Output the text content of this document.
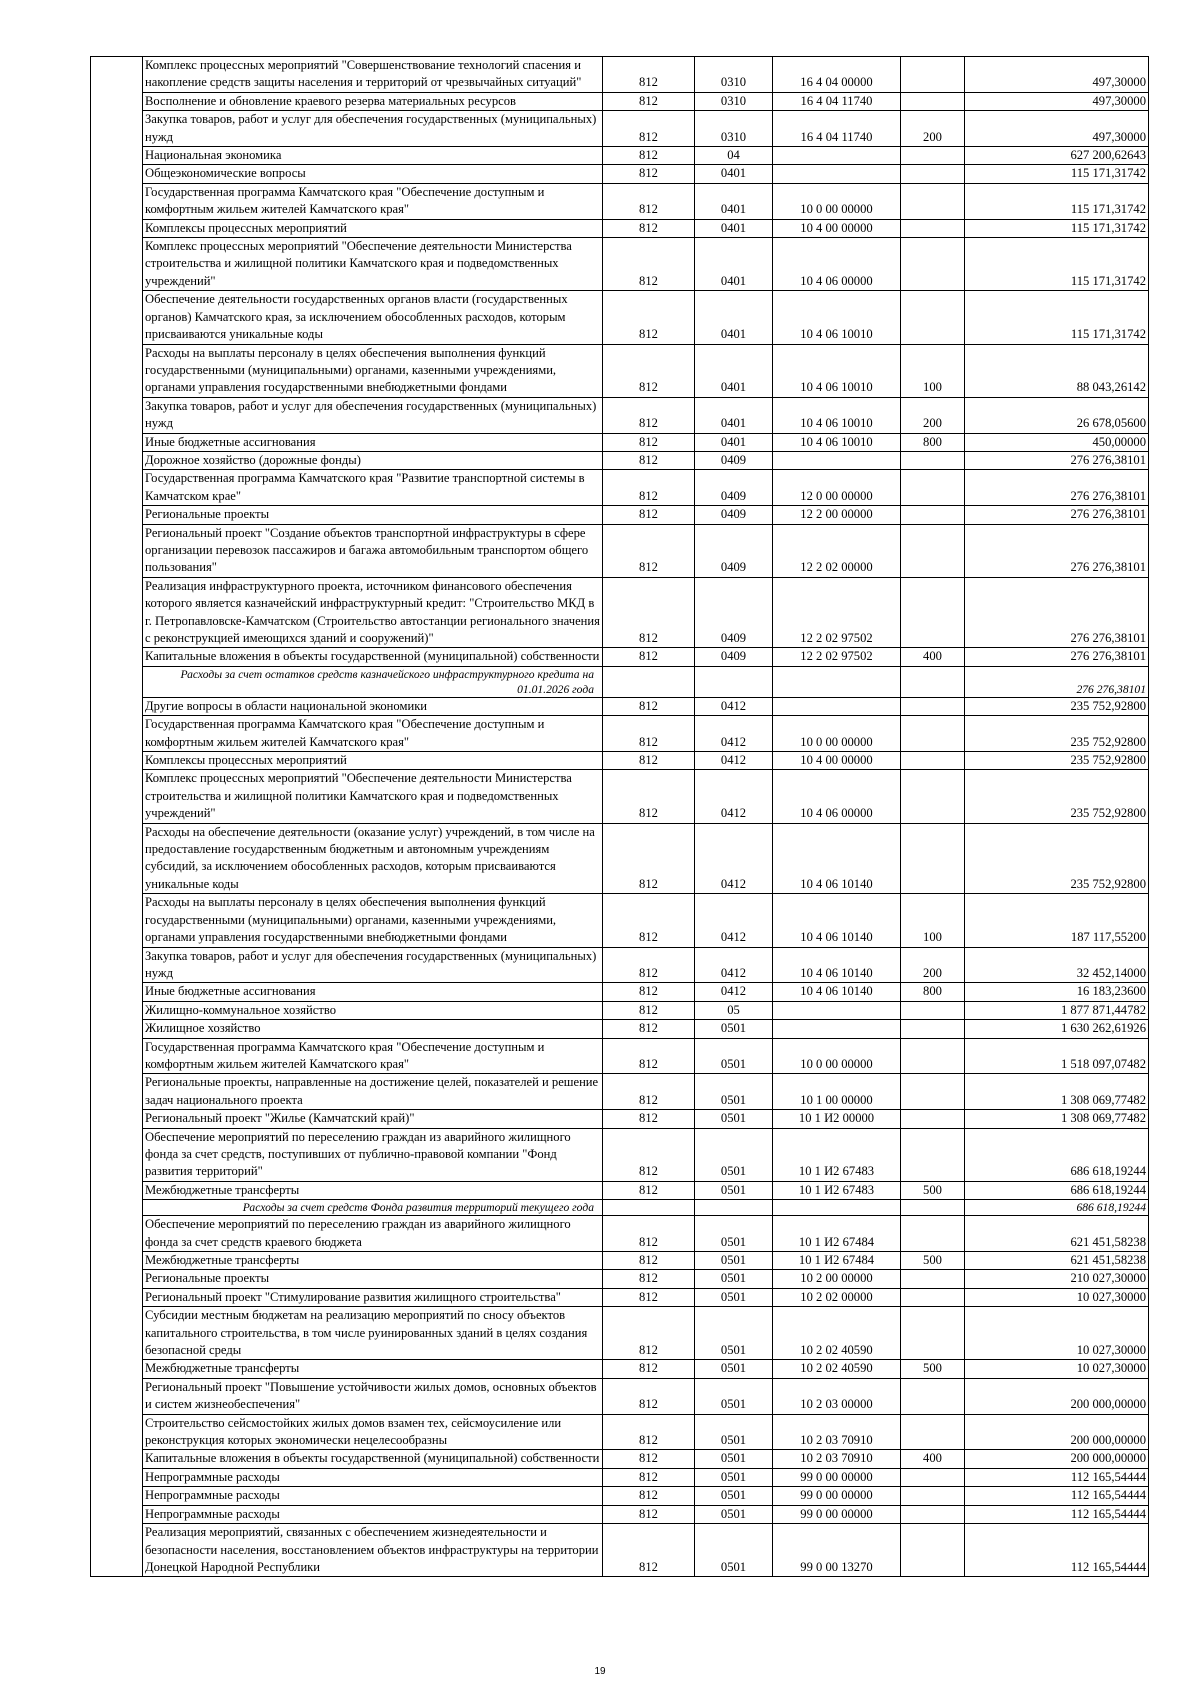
	Комплекс процессных мероприятий "Совершенствование технологий спасения и накопление средств защиты населения и территорий от чрезвычайных ситуаций"	812	0310	16 4 04 00000		497,30000
	Восполнение и обновление краевого резерва материальных ресурсов	812	0310	16 4 04 11740		497,30000
	Закупка товаров, работ и услуг для обеспечения государственных (муниципальных) нужд	812	0310	16 4 04 11740	200	497,30000
	Национальная экономика	812	04			627 200,62643
	Общеэкономические вопросы	812	0401			115 171,31742
	Государственная программа Камчатского края "Обеспечение доступным и комфортным жильем жителей Камчатского края"	812	0401	10 0 00 00000		115 171,31742
	Комплексы процессных мероприятий	812	0401	10 4 00 00000		115 171,31742
	Комплекс процессных мероприятий "Обеспечение деятельности Министерства строительства и жилищной политики Камчатского края и подведомственных учреждений"	812	0401	10 4 06 00000		115 171,31742
	Обеспечение деятельности государственных органов власти (государственных органов) Камчатского края, за исключением обособленных расходов, которым присваиваются уникальные коды	812	0401	10 4 06 10010		115 171,31742
	Расходы на выплаты персоналу в целях обеспечения выполнения функций государственными (муниципальными) органами, казенными учреждениями, органами управления государственными внебюджетными фондами	812	0401	10 4 06 10010	100	88 043,26142
	Закупка товаров, работ и услуг для обеспечения государственных (муниципальных) нужд	812	0401	10 4 06 10010	200	26 678,05600
	Иные бюджетные ассигнования	812	0401	10 4 06 10010	800	450,00000
	Дорожное хозяйство (дорожные фонды)	812	0409			276 276,38101
	Государственная программа Камчатского края "Развитие транспортной системы в Камчатском крае"	812	0409	12 0 00 00000		276 276,38101
	Региональные проекты	812	0409	12 2 00 00000		276 276,38101
	Региональный проект "Создание объектов транспортной инфраструктуры в сфере организации перевозок пассажиров и багажа автомобильным транспортом общего пользования"	812	0409	12 2 02 00000		276 276,38101
	Реализация инфраструктурного проекта, источником финансового обеспечения которого является казначейский инфраструктурный кредит: "Строительство МКД в г. Петропавловске-Камчатском (Строительство автостанции регионального значения с реконструкцией имеющихся зданий и сооружений)"	812	0409	12 2 02 97502		276 276,38101
	Капитальные вложения в объекты государственной (муниципальной) собственности	812	0409	12 2 02 97502	400	276 276,38101
	Расходы за счет остатков средств казначейского инфраструктурного кредита на 01.01.2026 года					276 276,38101
	Другие вопросы в области национальной экономики	812	0412			235 752,92800
	Государственная программа Камчатского края "Обеспечение доступным и комфортным жильем жителей Камчатского края"	812	0412	10 0 00 00000		235 752,92800
	Комплексы процессных мероприятий	812	0412	10 4 00 00000		235 752,92800
	Комплекс процессных мероприятий "Обеспечение деятельности Министерства строительства и жилищной политики Камчатского края и подведомственных учреждений"	812	0412	10 4 06 00000		235 752,92800
	Расходы на обеспечение деятельности (оказание услуг) учреждений, в том числе на предоставление государственным бюджетным и автономным учреждениям субсидий, за исключением обособленных расходов, которым присваиваются уникальные коды	812	0412	10 4 06 10140		235 752,92800
	Расходы на выплаты персоналу в целях обеспечения выполнения функций государственными (муниципальными) органами, казенными учреждениями, органами управления государственными внебюджетными фондами	812	0412	10 4 06 10140	100	187 117,55200
	Закупка товаров, работ и услуг для обеспечения государственных (муниципальных) нужд	812	0412	10 4 06 10140	200	32 452,14000
	Иные бюджетные ассигнования	812	0412	10 4 06 10140	800	16 183,23600
	Жилищно-коммунальное хозяйство	812	05			1 877 871,44782
	Жилищное хозяйство	812	0501			1 630 262,61926
	Государственная программа Камчатского края "Обеспечение доступным и комфортным жильем жителей Камчатского края"	812	0501	10 0 00 00000		1 518 097,07482
	Региональные проекты, направленные на достижение целей, показателей и решение задач национального проекта	812	0501	10 1 00 00000		1 308 069,77482
	Региональный проект "Жилье (Камчатский край)"	812	0501	10 1 И2 00000		1 308 069,77482
	Обеспечение мероприятий по переселению граждан из аварийного жилищного фонда за счет средств, поступивших от публично-правовой компании "Фонд развития территорий"	812	0501	10 1 И2 67483		686 618,19244
	Межбюджетные трансферты	812	0501	10 1 И2 67483	500	686 618,19244
	Расходы за счет средств Фонда развития территорий текущего года					686 618,19244
	Обеспечение мероприятий по переселению граждан из аварийного жилищного фонда за счет средств краевого бюджета	812	0501	10 1 И2 67484		621 451,58238
	Межбюджетные трансферты	812	0501	10 1 И2 67484	500	621 451,58238
	Региональные проекты	812	0501	10 2 00 00000		210 027,30000
	Региональный проект "Стимулирование развития жилищного строительства"	812	0501	10 2 02 00000		10 027,30000
	Субсидии местным бюджетам на реализацию мероприятий по сносу объектов капитального строительства, в том числе руинированных зданий в целях создания безопасной среды	812	0501	10 2 02 40590		10 027,30000
	Межбюджетные трансферты	812	0501	10 2 02 40590	500	10 027,30000
	Региональный проект "Повышение устойчивости жилых домов, основных объектов и систем жизнеобеспечения"	812	0501	10 2 03 00000		200 000,00000
	Строительство сейсмостойких жилых домов взамен тех, сейсмоусиление или реконструкция которых экономически нецелесообразны	812	0501	10 2 03 70910		200 000,00000
	Капитальные вложения в объекты государственной (муниципальной) собственности	812	0501	10 2 03 70910	400	200 000,00000
	Непрограммные расходы	812	0501	99 0 00 00000		112 165,54444
	Непрограммные расходы	812	0501	99 0 00 00000		112 165,54444
	Непрограммные расходы	812	0501	99 0 00 00000		112 165,54444
	Реализация мероприятий, связанных с обеспечением жизнедеятельности и безопасности населения, восстановлением объектов инфраструктуры на территории Донецкой Народной Республики	812	0501	99 0 00 13270		112 165,54444
19
